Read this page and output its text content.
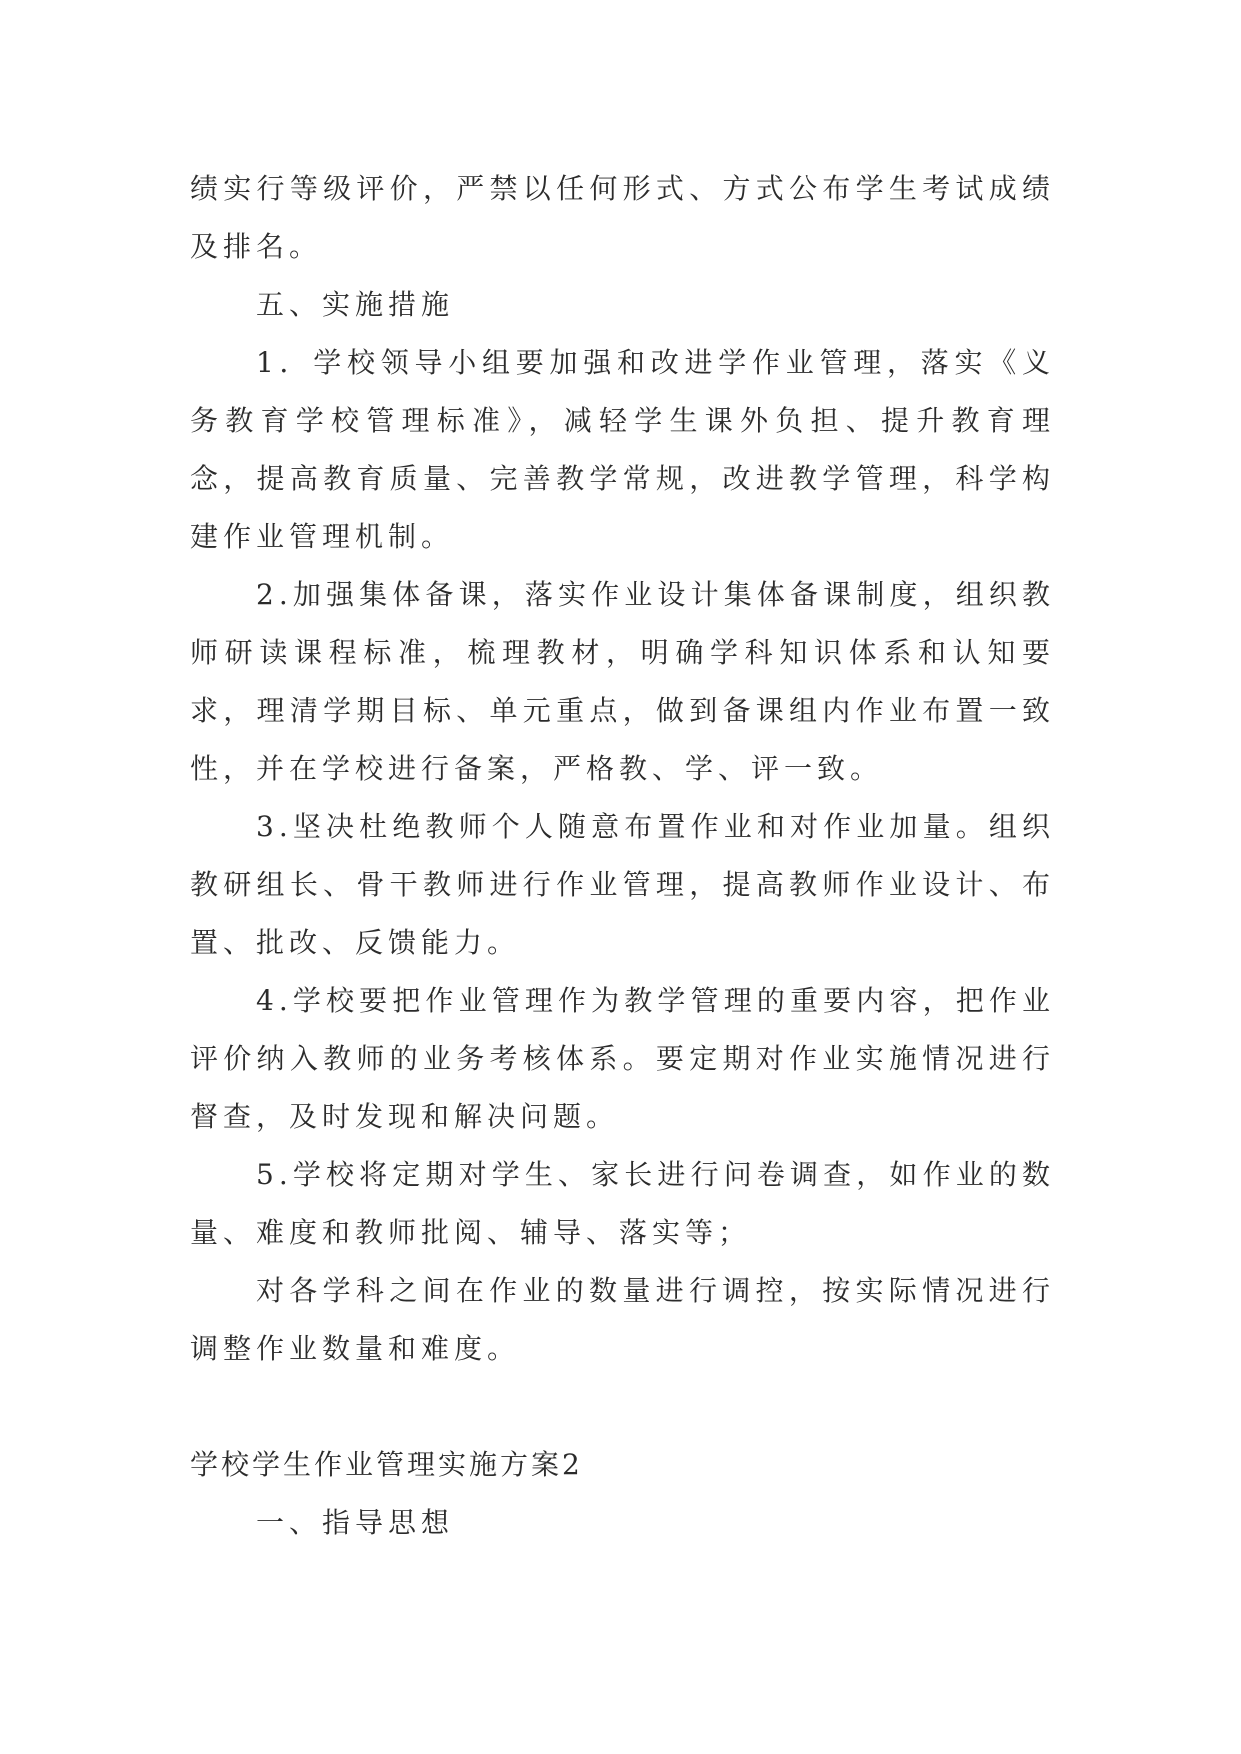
绩实行等级评价，严禁以任何形式、方式公布学生考试成绩及排名。

五、实施措施

1．学校领导小组要加强和改进学作业管理，落实《义务教育学校管理标准》，减轻学生课外负担、提升教育理念，提高教育质量、完善教学常规，改进教学管理，科学构建作业管理机制。

2.加强集体备课，落实作业设计集体备课制度，组织教师研读课程标准，梳理教材，明确学科知识体系和认知要求，理清学期目标、单元重点，做到备课组内作业布置一致性，并在学校进行备案，严格教、学、评一致。

3.坚决杜绝教师个人随意布置作业和对作业加量。组织教研组长、骨干教师进行作业管理，提高教师作业设计、布置、批改、反馈能力。

4.学校要把作业管理作为教学管理的重要内容，把作业评价纳入教师的业务考核体系。要定期对作业实施情况进行督查，及时发现和解决问题。

5.学校将定期对学生、家长进行问卷调查，如作业的数量、难度和教师批阅、辅导、落实等；

对各学科之间在作业的数量进行调控，按实际情况进行调整作业数量和难度。

学校学生作业管理实施方案2

一、指导思想
